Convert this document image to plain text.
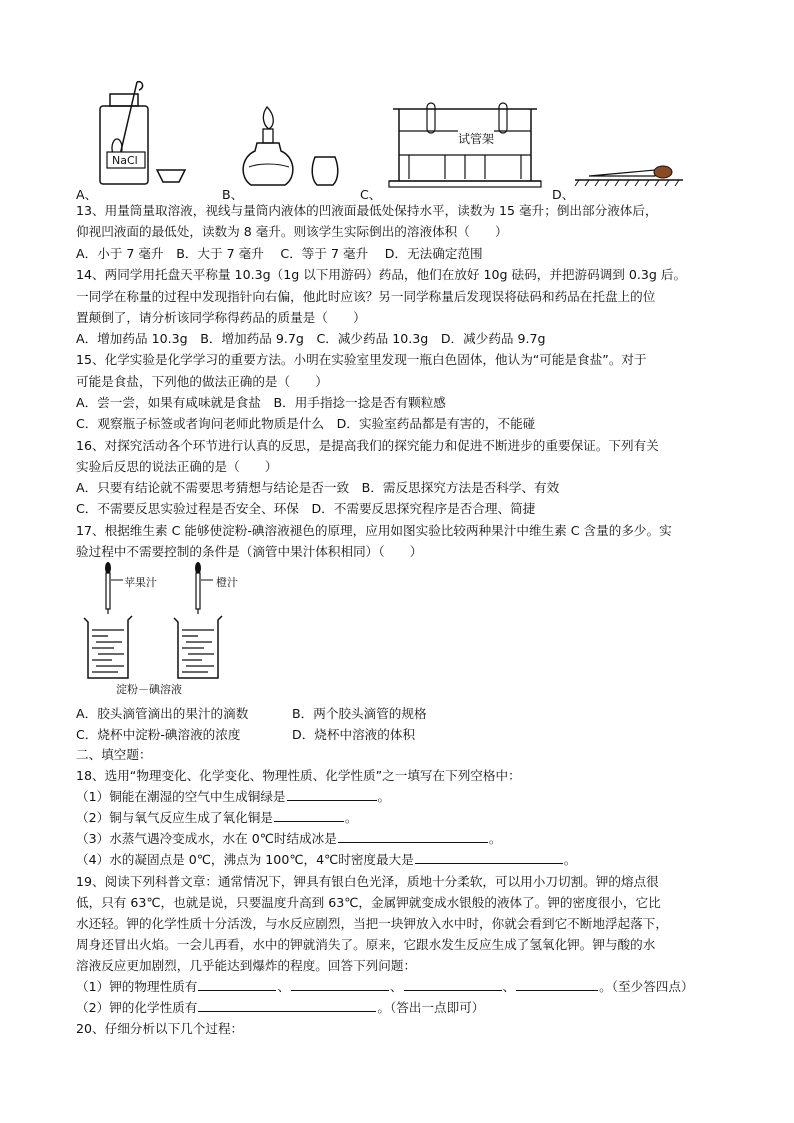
NaCl
A、	B、
试管架
C、	D、
13、用量筒量取溶液，视线与量筒内液体的凹液面最低处保持水平，读数为 15 毫升；倒出部分液体后，
仰视凹液面的最低处，读数为 8 毫升。则该学生实际倒出的溶液体积（　　）
A．小于 7 毫升　B．大于 7 毫升　 C．等于 7 毫升　 D．无法确定范围
14、两同学用托盘天平称量 10.3g（1g 以下用游码）药品，他们在放好 10g 砝码，并把游码调到 0.3g 后。
一同学在称量的过程中发现指针向右偏，他此时应该？另一同学称量后发现误将砝码和药品在托盘上的位
置颠倒了，请分析该同学称得药品的质量是（　　）
A．增加药品 10.3g　B．增加药品 9.7g　C．减少药品 10.3g　D．减少药品 9.7g
15、化学实验是化学学习的重要方法。小明在实验室里发现一瓶白色固体，他认为“可能是食盐”。对于
可能是食盐，下列他的做法正确的是（　　）
A．尝一尝，如果有咸味就是食盐　B．用手指捻一捻是否有颗粒感
C．观察瓶子标签或者询问老师此物质是什么　D．实验室药品都是有害的，不能碰
16、对探究活动各个环节进行认真的反思，是提高我们的探究能力和促进不断进步的重要保证。下列有关
实验后反思的说法正确的是（　　）
A．只要有结论就不需要思考猜想与结论是否一致　B．需反思探究方法是否科学、有效
C．不需要反思实验过程是否安全、环保　D．不需要反思探究程序是否合理、简捷
17、根据维生素 C 能够使淀粉-碘溶液褪色的原理，应用如图实验比较两种果汁中维生素 C 含量的多少。实
验过程中不需要控制的条件是（滴管中果汁体积相同）（　　）
苹果汁	橙汁
淀粉－碘溶液
A．胶头滴管滴出的果汁的滴数	B．两个胶头滴管的规格
C．烧杯中淀粉-碘溶液的浓度	D．烧杯中溶液的体积
二、填空题：
18、选用“物理变化、化学变化、物理性质、化学性质”之一填写在下列空格中：
（1）铜能在潮湿的空气中生成铜绿是	。
（2）铜与氧气反应生成了氧化铜是	。
（3）水蒸气遇冷变成水，水在 0℃时结成冰是	。
（4）水的凝固点是 0℃，沸点为 100℃，4℃时密度最大是	。
19、阅读下列科普文章：通常情况下，钾具有银白色光泽，质地十分柔软，可以用小刀切割。钾的熔点很
低，只有 63℃，也就是说，只要温度升高到 63℃，金属钾就变成水银般的液体了。钾的密度很小，它比
水还轻。钾的化学性质十分活泼，与水反应剧烈，当把一块钾放入水中时，你就会看到它不断地浮起落下，
周身还冒出火焰。一会儿再看，水中的钾就消失了。原来，它跟水发生反应生成了氢氧化钾。钾与酸的水
溶液反应更加剧烈，几乎能达到爆炸的程度。回答下列问题：
（1）钾的物理性质有	、	、	、	。（至少答四点）
（2）钾的化学性质有	。（答出一点即可）
20、仔细分析以下几个过程：
